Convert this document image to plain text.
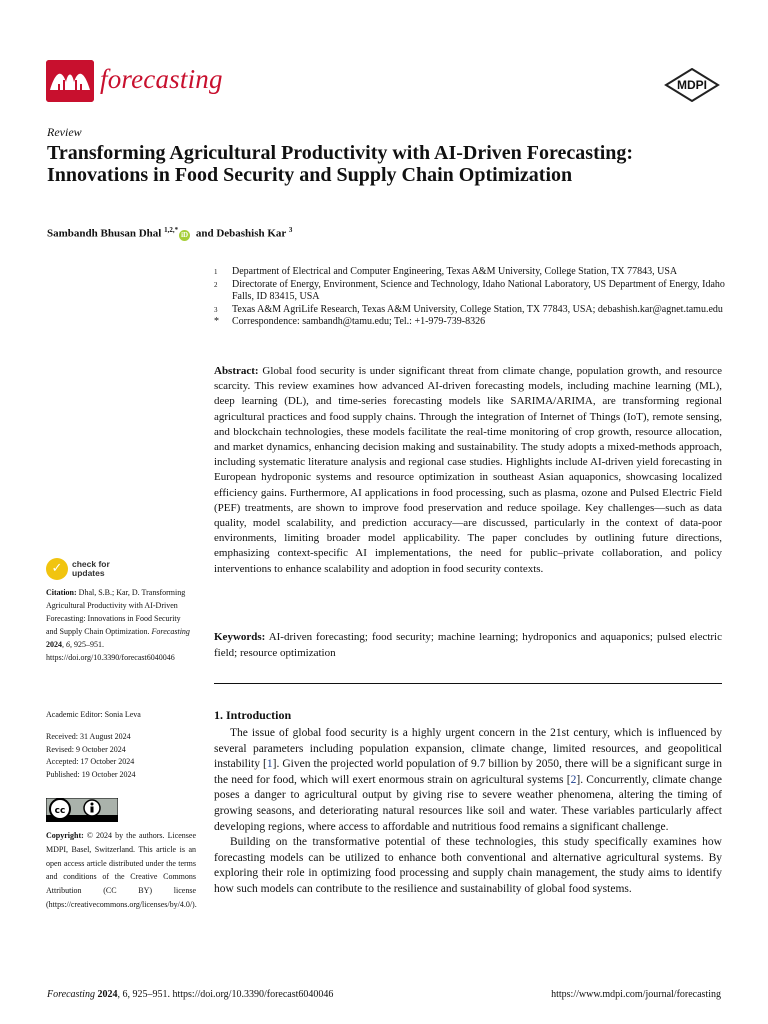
forecasting	MDPI
Review
Transforming Agricultural Productivity with AI-Driven Forecasting: Innovations in Food Security and Supply Chain Optimization
Sambandh Bhusan Dhal $^{1,2,*}$iD and Debashish Kar $^3$
1	Department of Electrical and Computer Engineering, Texas A&M University, College Station, TX 77843, USA
2	Directorate of Energy, Environment, Science and Technology, Idaho National Laboratory, US Department of Energy, Idaho Falls, ID 83415, USA
3	Texas A&M AgriLife Research, Texas A&M University, College Station, TX 77843, USA; debashish.kar@agnet.tamu.edu
*	Correspondence: sambandh@tamu.edu; Tel.: +1-979-739-8326
Abstract: Global food security is under significant threat from climate change, population growth, and resource scarcity. This review examines how advanced AI-driven forecasting models, including machine learning (ML), deep learning (DL), and time-series forecasting models like SARIMA/ARIMA, are transforming regional agricultural practices and food supply chains. Through the integration of Internet of Things (IoT), remote sensing, and blockchain technologies, these models facilitate the real-time monitoring of crop growth, resource allocation, and market dynamics, enhancing decision making and sustainability. The study adopts a mixed-methods approach, including systematic literature analysis and regional case studies. Highlights include AI-driven yield forecasting in European hydroponic systems and resource optimization in southeast Asian aquaponics, showcasing localized efficiency gains. Furthermore, AI applications in food processing, such as plasma, ozone and Pulsed Electric Field (PEF) treatments, are shown to improve food preservation and reduce spoilage. Key challenges—such as data quality, model scalability, and prediction accuracy—are discussed, particularly in the context of data-poor environments, limiting broader model applicability. The paper concludes by outlining future directions, emphasizing context-specific AI implementations, the need for public–private collaboration, and policy interventions to enhance scalability and adoption in food security contexts.
Keywords: AI-driven forecasting; food security; machine learning; hydroponics and aquaponics; pulsed electric field; resource optimization
1. Introduction

The issue of global food security is a highly urgent concern in the 21st century, which is influenced by several parameters including population expansion, climate change, limited resources, and geopolitical instability [1]. Given the projected world population of 9.7 billion by 2050, there will be a significant surge in the need for food, which will exert enormous strain on agricultural systems [2]. Concurrently, climate change poses a danger to agricultural output by giving rise to severe weather phenomena, altering the timing of growing seasons, and deteriorating natural resources like soil and water. These variables particularly affect developing regions, where access to affordable and nutritious food remains a significant challenge.

Building on the transformative potential of these technologies, this study specifically examines how forecasting models can be utilized to enhance both conventional and alternative agricultural systems. By exploring their role in optimizing food processing and supply chain management, the study aims to identify how such models can contribute to the resilience and sustainability of global food systems.

✓	check for
updates
Citation: Dhal, S.B.; Kar, D. Transforming Agricultural Productivity with AI-Driven Forecasting: Innovations in Food Security and Supply Chain Optimization. Forecasting 2024, 6, 925–951. https://doi.org/10.3390/forecast6040046
Academic Editor: Sonia Leva
Received: 31 August 2024
Revised: 9 October 2024
Accepted: 17 October 2024
Published: 19 October 2024
cc
Copyright: © 2024 by the authors. Licensee MDPI, Basel, Switzerland. This article is an open access article distributed under the terms and conditions of the Creative Commons Attribution (CC BY) license (https://creativecommons.org/licenses/by/4.0/).
Forecasting 2024, 6, 925–951. https://doi.org/10.3390/forecast6040046	https://www.mdpi.com/journal/forecasting
